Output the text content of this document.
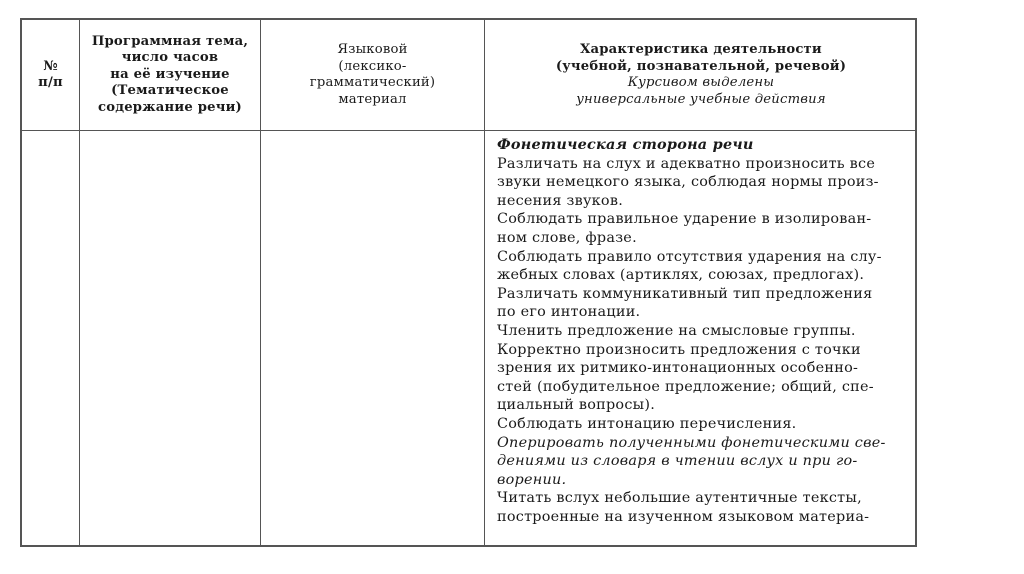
№
п/п
Программная тема,
число часов
на её изучение
(Тематическое
содержание речи)
Языковой
(лексико-
грамматический)
материал
Характеристика деятельности
(учебной, познавательной, речевой)
Курсивом выделены
универсальные учебные действия
Фонетическая сторона речи
Различать на слух и адекватно произносить все
звуки немецкого языка, соблюдая нормы произ-
несения звуков.
Соблюдать правильное ударение в изолирован-
ном слове, фразе.
Соблюдать правило отсутствия ударения на слу-
жебных словах (артиклях, союзах, предлогах).
Различать коммуникативный тип предложения
по его интонации.
Членить предложение на смысловые группы.
Корректно произносить предложения с точки
зрения их ритмико-интонационных особенно-
стей (побудительное предложение; общий, спе-
циальный вопросы).
Соблюдать интонацию перечисления.
Оперировать полученными фонетическими све-
дениями из словаря в чтении вслух и при го-
ворении.
Читать вслух небольшие аутентичные тексты,
построенные на изученном языковом материа-
